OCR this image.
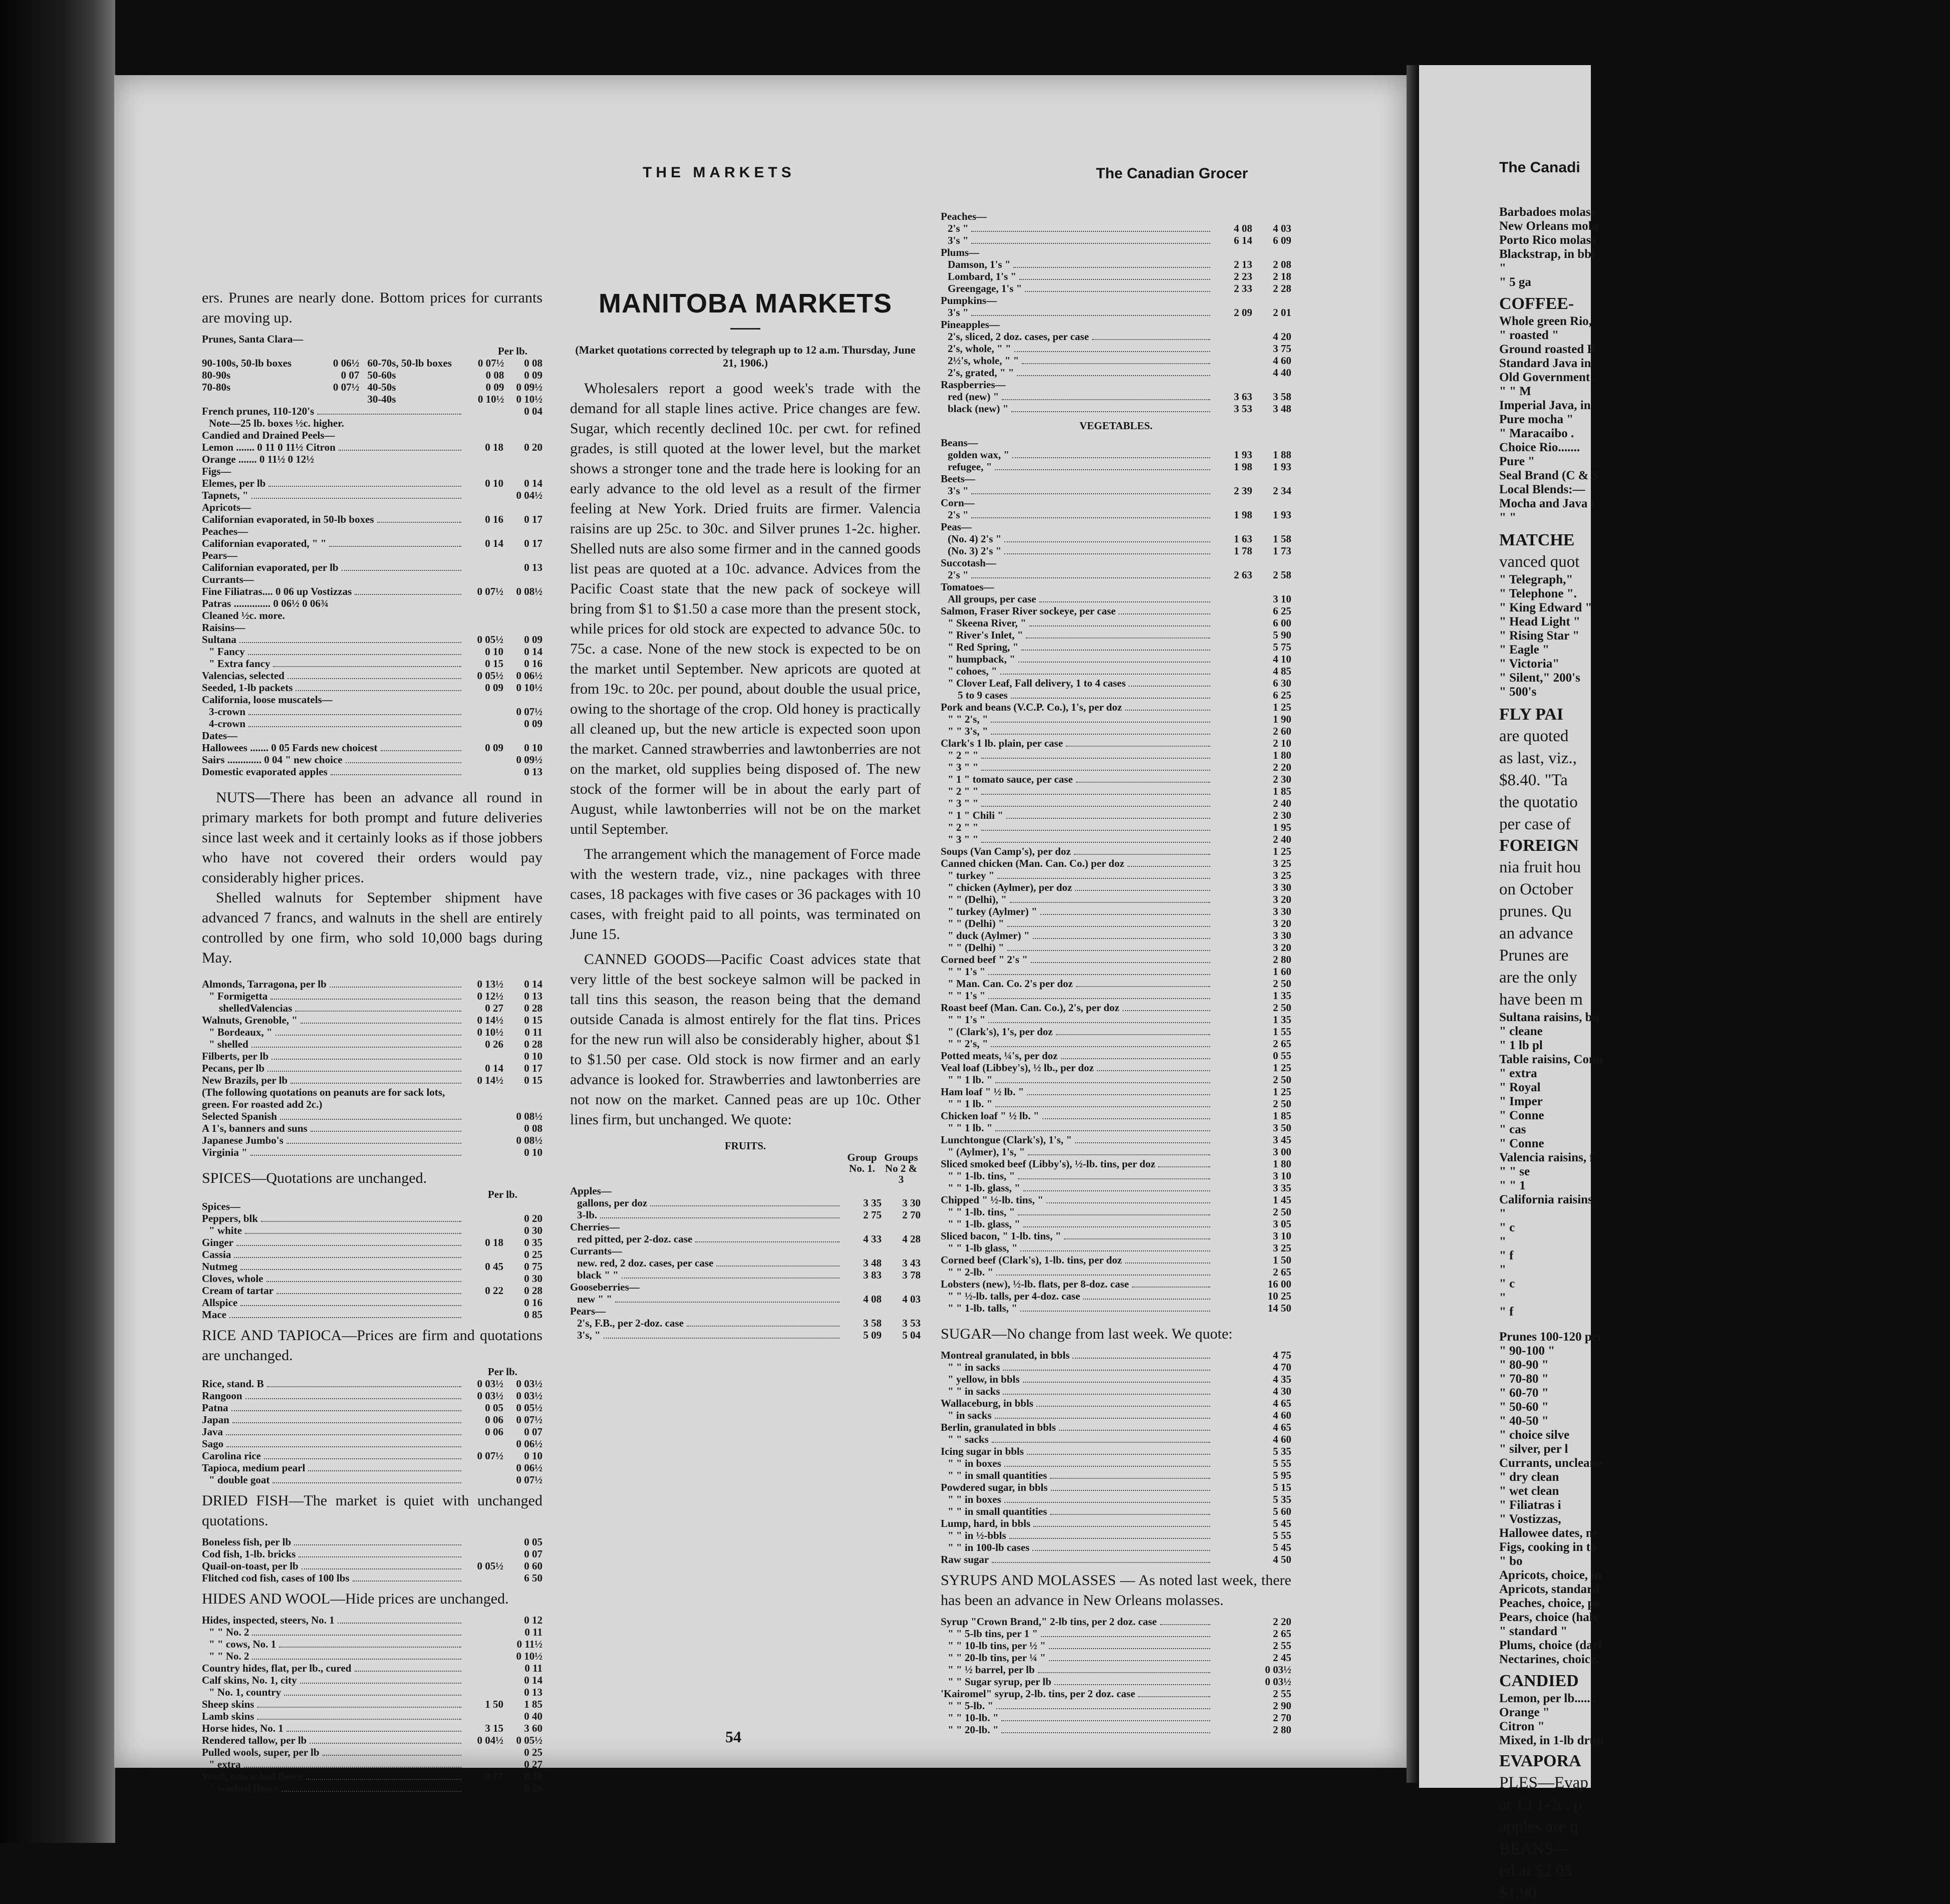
THE MARKETS	The Canadian Grocer

ers. Prunes are nearly done. Bottom prices for currants are moving up.

Prunes, Santa Clara—
Per lb.
90-100s, 50-lb boxes	0 06½ 60-70s, 50-lb boxes	0 07½	0 08
80-90s	0 07 50-60s	0 08	0 09
70-80s	0 07½ 40-50s	0 09	0 09½
30-40s	0 10½	0 10½
French prunes, 110-120's	0 04
Note—25 lb. boxes ½c. higher.
Candied and Drained Peels—
Lemon ....... 0 11 0 11½ Citron	0 18	0 20
Orange ....... 0 11½ 0 12½
Figs—
Elemes, per lb	0 10	0 14
Tapnets, "	0 04½
Apricots—
Californian evaporated, in 50-lb boxes	0 16	0 17
Peaches—
Californian evaporated, " "	0 14	0 17
Pears—
Californian evaporated, per lb	0 13
Currants—
Fine Filiatras.... 0 06 up Vostizzas	0 07½	0 08½
Patras .............. 0 06½ 0 06¾
Cleaned ½c. more.
Raisins—
Sultana	0 05½	0 09
" Fancy	0 10	0 14
" Extra fancy	0 15	0 16
Valencias, selected	0 05½	0 06½
Seeded, 1-lb packets	0 09	0 10½
California, loose muscatels—
3-crown	0 07½
4-crown	0 09
Dates—
Hallowees ....... 0 05 Fards new choicest	0 09	0 10
Sairs ............. 0 04 " new choice	0 09½
Domestic evaporated apples	0 13

NUTS—There has been an advance all round in primary markets for both prompt and future deliveries since last week and it certainly looks as if those jobbers who have not covered their orders would pay considerably higher prices.

Shelled walnuts for September shipment have advanced 7 francs, and walnuts in the shell are entirely controlled by one firm, who sold 10,000 bags during May.

Almonds, Tarragona, per lb	0 13½	0 14
" Formigetta	0 12½	0 13
shelledValencias	0 27	0 28
Walnuts, Grenoble, "	0 14½	0 15
" Bordeaux, "	0 10½	0 11
" shelled	0 26	0 28
Filberts, per lb	0 10
Pecans, per lb	0 14	0 17
New Brazils, per lb	0 14½	0 15
(The following quotations on peanuts are for sack lots, green. For roasted add 2c.)
Selected Spanish	0 08½
A 1's, banners and suns	0 08
Japanese Jumbo's	0 08½
Virginia "	0 10

SPICES—Quotations are unchanged.

Per lb.
Spices—
Peppers, blk	0 20
" white	0 30
Ginger	0 18	0 35
Cassia	0 25
Nutmeg	0 45	0 75
Cloves, whole	0 30
Cream of tartar	0 22	0 28
Allspice	0 16
Mace	0 85

RICE AND TAPIOCA—Prices are firm and quotations are unchanged.

Per lb.
Rice, stand. B	0 03½	0 03½
Rangoon	0 03½	0 03½
Patna	0 05	0 05½
Japan	0 06	0 07½
Java	0 06	0 07
Sago	0 06½
Carolina rice	0 07½	0 10
Tapioca, medium pearl	0 06½
" double goat	0 07½

DRIED FISH—The market is quiet with unchanged quotations.

Boneless fish, per lb	0 05
Cod fish, 1-lb. bricks	0 07
Quail-on-toast, per lb	0 05½	0 60
Flitched cod fish, cases of 100 lbs	6 50

HIDES AND WOOL—Hide prices are unchanged.

Hides, inspected, steers, No. 1	0 12
" " No. 2	0 11
" " cows, No. 1	0 11½
" " No. 2	0 10½
Country hides, flat, per lb., cured	0 11
Calf skins, No. 1, city	0 14
" No. 1, country	0 13
Sheep skins	1 50	1 85
Lamb skins	0 40
Horse hides, No. 1	3 15	3 60
Rendered tallow, per lb	0 04½	0 05½
Pulled wools, super, per lb	0 25
" extra	0 27
Wool, unwashed fleece	0 17	0 18
" washed fleece	0 26
MANITOBA MARKETS
(Market quotations corrected by telegraph up to 12 a.m. Thursday, June 21, 1906.)

Wholesalers report a good week's trade with the demand for all staple lines active. Price changes are few. Sugar, which recently declined 10c. per cwt. for refined grades, is still quoted at the lower level, but the market shows a stronger tone and the trade here is looking for an early advance to the old level as a result of the firmer feeling at New York. Dried fruits are firmer. Valencia raisins are up 25c. to 30c. and Silver prunes 1-2c. higher. Shelled nuts are also some firmer and in the canned goods list peas are quoted at a 10c. advance. Advices from the Pacific Coast state that the new pack of sockeye will bring from $1 to $1.50 a case more than the present stock, while prices for old stock are expected to advance 50c. to 75c. a case. None of the new stock is expected to be on the market until September. New apricots are quoted at from 19c. to 20c. per pound, about double the usual price, owing to the shortage of the crop. Old honey is practically all cleaned up, but the new article is expected soon upon the market. Canned strawberries and lawtonberries are not on the market, old supplies being disposed of. The new stock of the former will be in about the early part of August, while lawtonberries will not be on the market until September.

The arrangement which the management of Force made with the western trade, viz., nine packages with three cases, 18 packages with five cases or 36 packages with 10 cases, with freight paid to all points, was terminated on June 15.

CANNED GOODS—Pacific Coast advices state that very little of the best sockeye salmon will be packed in tall tins this season, the reason being that the demand outside Canada is almost entirely for the flat tins. Prices for the new run will also be considerably higher, about $1 to $1.50 per case. Old stock is now firmer and an early advance is looked for. Strawberries and lawtonberries are not now on the market. Canned peas are up 10c. Other lines firm, but unchanged. We quote:

FRUITS.
Group No. 1.
Groups No 2 & 3
Apples—
gallons, per doz	3 35	3 30
3-lb.	2 75	2 70
Cherries—
red pitted, per 2-doz. case	4 33	4 28
Currants—
new. red, 2 doz. cases, per case	3 48	3 43
black " "	3 83	3 78
Gooseberries—
new " "	4 08	4 03
Pears—
2's, F.B., per 2-doz. case	3 58	3 53
3's, "	5 09	5 04
Peaches—
2's "	4 08	4 03
3's "	6 14	6 09
Plums—
Damson, 1's "	2 13	2 08
Lombard, 1's "	2 23	2 18
Greengage, 1's "	2 33	2 28
Pumpkins—
3's "	2 09	2 01
Pineapples—
2's, sliced, 2 doz. cases, per case	4 20
2's, whole, " "	3 75
2½'s, whole, " "	4 60
2's, grated, " "	4 40
Raspberries—
red (new) "	3 63	3 58
black (new) "	3 53	3 48
VEGETABLES.
Beans—
golden wax, "	1 93	1 88
refugee, "	1 98	1 93
Beets—
3's "	2 39	2 34
Corn—
2's "	1 98	1 93
Peas—
(No. 4) 2's "	1 63	1 58
(No. 3) 2's "	1 78	1 73
Succotash—
2's "	2 63	2 58
Tomatoes—
All groups, per case	3 10
Salmon, Fraser River sockeye, per case	6 25
" Skeena River, "	6 00
" River's Inlet, "	5 90
" Red Spring, "	5 75
" humpback, "	4 10
" cohoes, "	4 85
" Clover Leaf, Fall delivery, 1 to 4 cases	6 30
5 to 9 cases	6 25
Pork and beans (V.C.P. Co.), 1's, per doz	1 25
" " 2's, "	1 90
" " 3's, "	2 60
Clark's 1 lb. plain, per case	2 10
" 2 " "	1 80
" 3 " "	2 20
" 1 " tomato sauce, per case	2 30
" 2 " "	1 85
" 3 " "	2 40
" 1 " Chili "	2 30
" 2 " "	1 95
" 3 " "	2 40
Soups (Van Camp's), per doz	1 25
Canned chicken (Man. Can. Co.) per doz	3 25
" turkey "	3 25
" chicken (Aylmer), per doz	3 30
" " (Delhi), "	3 20
" turkey (Aylmer) "	3 30
" " (Delhi) "	3 20
" duck (Aylmer) "	3 30
" " (Delhi) "	3 20
Corned beef " 2's "	2 80
" " 1's "	1 60
" Man. Can. Co. 2's per doz	2 50
" " 1's "	1 35
Roast beef (Man. Can. Co.), 2's, per doz	2 50
" " 1's "	1 35
" (Clark's), 1's, per doz	1 55
" " 2's, "	2 65
Potted meats, ¼'s, per doz	0 55
Veal loaf (Libbey's), ½ lb., per doz	1 25
" " 1 lb. "	2 50
Ham loaf " ½ lb. "	1 25
" " 1 lb. "	2 50
Chicken loaf " ½ lb. "	1 85
" " 1 lb. "	3 50
Lunchtongue (Clark's), 1's, "	3 45
" (Aylmer), 1's, "	3 00
Sliced smoked beef (Libby's), ½-lb. tins, per doz	1 80
" " 1-lb. tins, "	3 10
" " 1-lb. glass, "	3 35
Chipped " ½-lb. tins, "	1 45
" " 1-lb. tins, "	2 50
" " 1-lb. glass, "	3 05
Sliced bacon, " 1-lb. tins, "	3 10
" " 1-lb glass, "	3 25
Corned beef (Clark's), 1-lb. tins, per doz	1 50
" " 2-lb. "	2 65
Lobsters (new), ½-lb. flats, per 8-doz. case	16 00
" " ½-lb. talls, per 4-doz. case	10 25
" " 1-lb. talls, "	14 50

SUGAR—No change from last week. We quote:

Montreal granulated, in bbls	4 75
" " in sacks	4 70
" yellow, in bbls	4 35
" " in sacks	4 30
Wallaceburg, in bbls	4 65
" in sacks	4 60
Berlin, granulated in bbls	4 65
" " sacks	4 60
Icing sugar in bbls	5 35
" " in boxes	5 55
" " in small quantities	5 95
Powdered sugar, in bbls	5 15
" " in boxes	5 35
" " in small quantities	5 60
Lump, hard, in bbls	5 45
" " in ½-bbls	5 55
" " in 100-lb cases	5 45
Raw sugar	4 50

SYRUPS AND MOLASSES — As noted last week, there has been an advance in New Orleans molasses.

Syrup "Crown Brand," 2-lb tins, per 2 doz. case	2 20
" " 5-lb tins, per 1 "	2 65
" " 10-lb tins, per ½ "	2 55
" " 20-lb tins, per ¼ "	2 45
" " ½ barrel, per lb	0 03½
" " Sugar syrup, per lb	0 03½
'Kairomel" syrup, 2-lb. tins, per 2 doz. case	2 55
" " 5-lb. "	2 90
" " 10-lb. "	2 70
" " 20-lb. "	2 80
54
The Canadi
Barbadoes molass
New Orleans mola
Porto Rico molass
Blackstrap, in bbl
"
" 5 ga
COFFEE-
Whole green Rio,
" roasted "
Ground roasted R
Standard Java in
Old Government ,
" " M
Imperial Java, in
Pure mocha "
" Maracaibo .
Choice Rio.......
Pure "
Seal Brand (C & S
Local Blends:—
Mocha and Java i
" "
MATCHE
vanced quot
" Telegraph,"
" Telephone ".
" King Edward "
" Head Light "
" Rising Star "
" Eagle "
" Victoria"
" Silent," 200's
" 500's
FLY PAI
are quoted
as last, viz.,
$8.40. "Ta
the quotatio
per case of
FOREIGN
nia fruit hou
on October
prunes. Qu
an advance
Prunes are
are the only
have been m
Sultana raisins, bu
" cleane
" 1 lb pl
Table raisins, Conn
" extra
" Royal
" Imper
" Conne
" cas
" Conne
Valencia raisins, f.
" " se
" " 1
California raisins,
"
" c
"
" f
"
" c
"
" f
Prunes 100-120 per
" 90-100 "
" 80-90 "
" 70-80 "
" 60-70 "
" 50-60 "
" 40-50 "
" choice silve
" silver, per l
Currants, uncleane
" dry clean
" wet clean
" Filiatras i
" Vostizzas,
Hallowee dates, ne
Figs, cooking in ta
" bo
Apricots, choice, in
Apricots, standard
Peaches, choice, pe
Pears, choice (halv
" standard "
Plums, choice (darl
Nectarines, choice.
CANDIED
Lemon, per lb.......
Orange "
Citron "
Mixed, in 1-lb drun
EVAPORA
PLES—Evap
at 13 1-2c. p
apples are q
BEANS—
ed at $2.05
$1.90.
